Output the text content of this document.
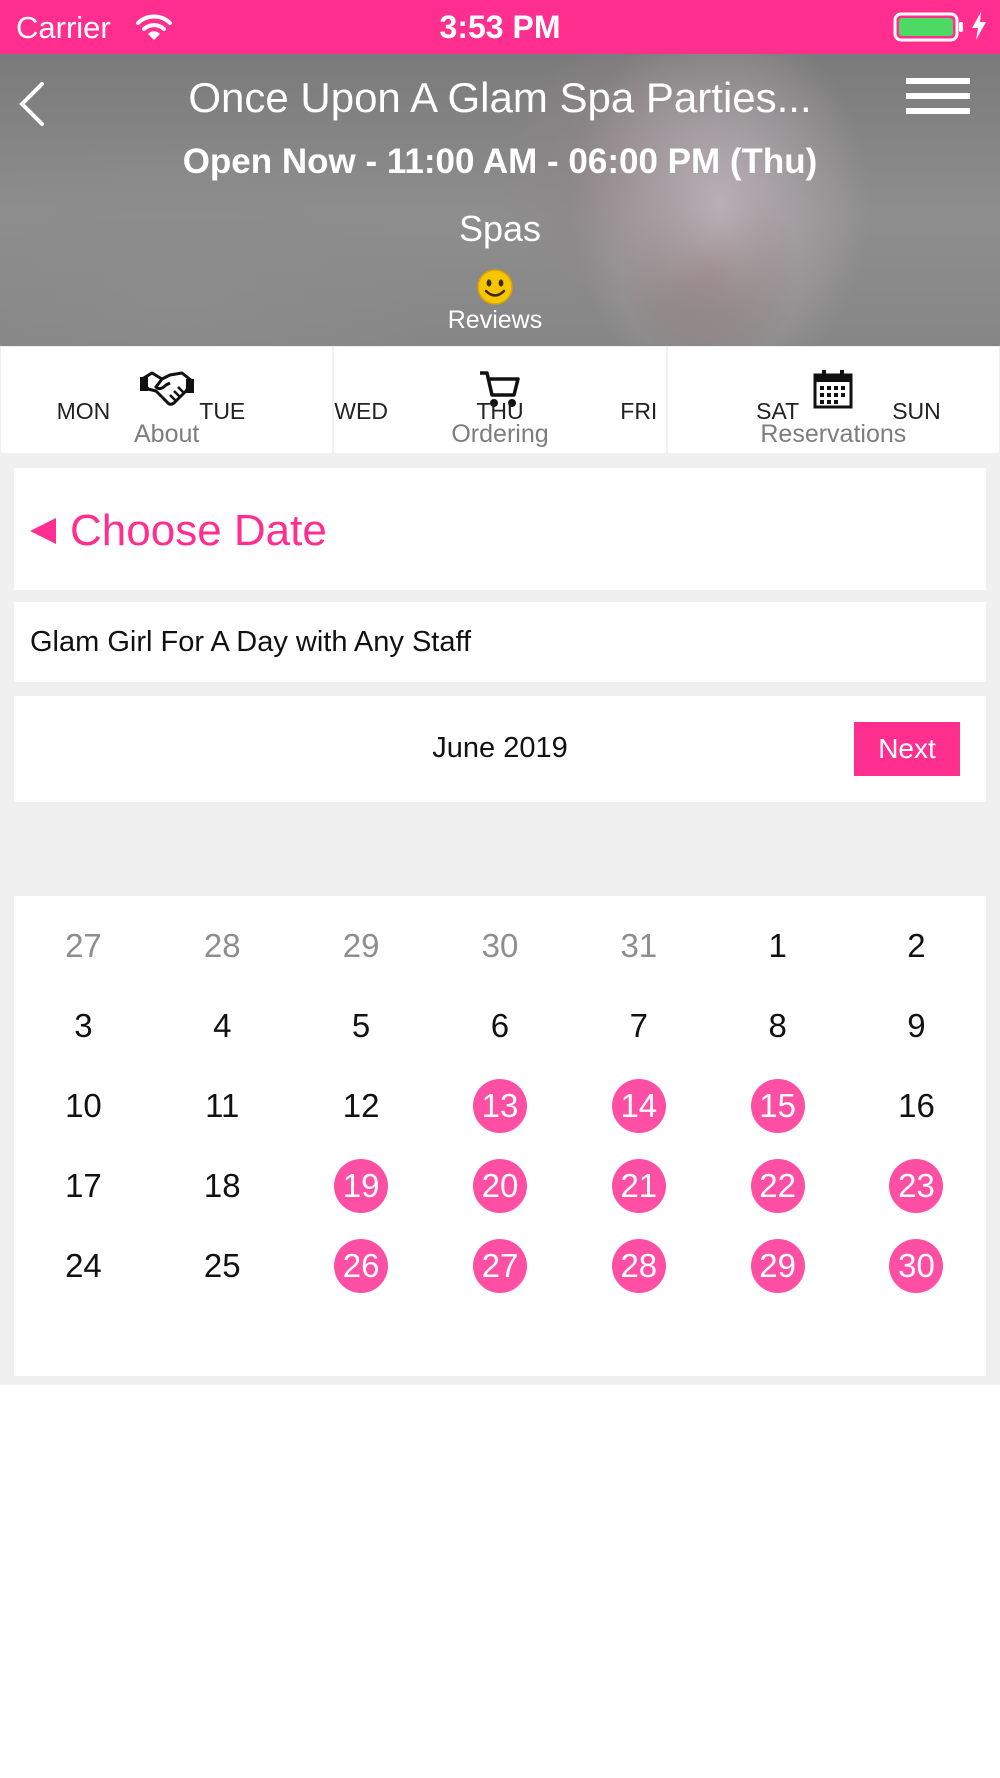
Carrier	3:53 PM
Once Upon A Glam Spa Parties...
Open Now - 11:00 AM - 06:00 PM (Thu)
Spas
Reviews
About	Ordering	Reservations
Choose Date
Glam Girl For A Day with Any Staff
June 2019	Next
MON	TUE	WED	THU	FRI	SAT	SUN
27	28	29	30	31	1	2
3	4	5	6	7	8	9
10	11	12	13	14	15	16
17	18	19	20	21	22	23
24	25	26	27	28	29	30
